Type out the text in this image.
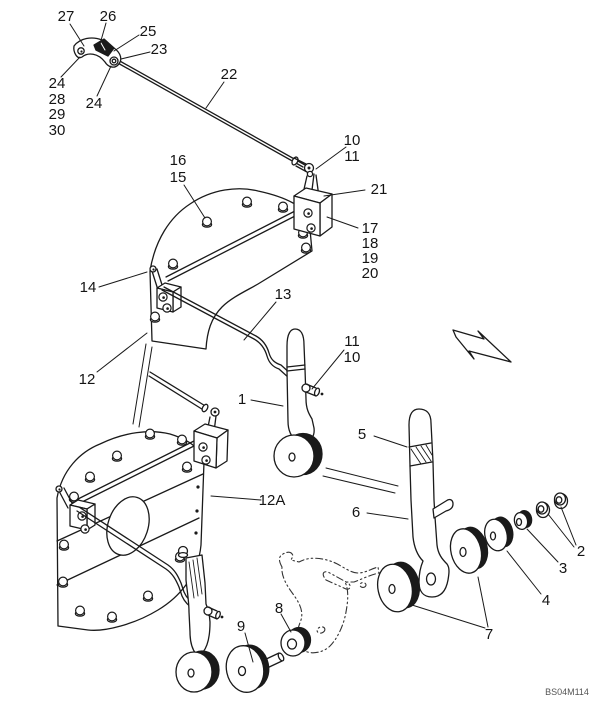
27 26
25
23
24
28
29
30
24
22
10
11
16
15
21
17
18
19
20
14	13
12
11
10
1
5
12A
6
2
3
4
7
8
9
BS04M114
